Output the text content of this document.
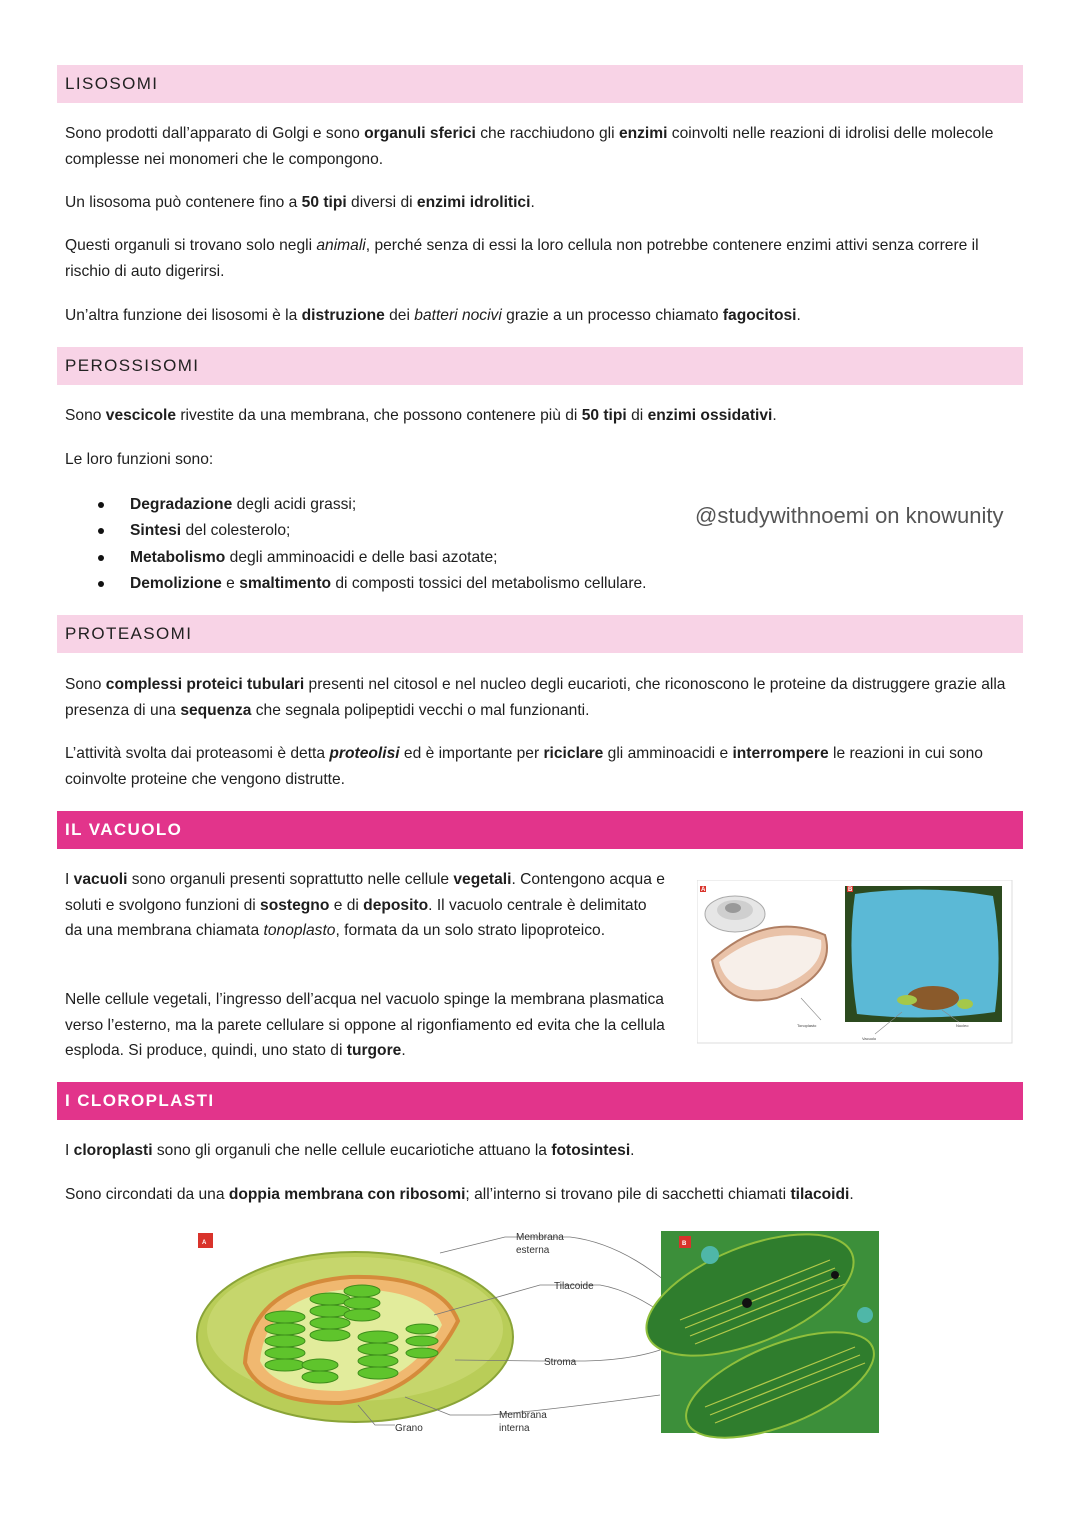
LISOSOMI

Sono prodotti dall’apparato di Golgi e sono organuli sferici che racchiudono gli enzimi coinvolti nelle reazioni di idrolisi delle molecole complesse nei monomeri che le compongono.

Un lisosoma può contenere fino a 50 tipi diversi di enzimi idrolitici.

Questi organuli si trovano solo negli animali, perché senza di essi la loro cellula non potrebbe contenere enzimi attivi senza correre il rischio di auto digerirsi.

Un’altra funzione dei lisosomi è la distruzione dei batteri nocivi grazie a un processo chiamato fagocitosi.

PEROSSISOMI

Sono vescicole rivestite da una membrana, che possono contenere più di 50 tipi di enzimi ossidativi.

Le loro funzioni sono:

Degradazione degli acidi grassi;
Sintesi del colesterolo;
Metabolismo degli amminoacidi e delle basi azotate;
Demolizione e smaltimento di composti tossici del metabolismo cellulare.
@studywithnoemi on knowunity
PROTEASOMI

Sono complessi proteici tubulari presenti nel citosol e nel nucleo degli eucarioti, che riconoscono le proteine da distruggere grazie alla presenza di una sequenza che segnala polipeptidi vecchi o mal funzionanti.

L’attività svolta dai proteasomi è detta proteolisi ed è importante per riciclare gli amminoacidi e interrompere le reazioni in cui sono coinvolte proteine che vengono distrutte.

IL VACUOLO

I vacuoli sono organuli presenti soprattutto nelle cellule vegetali. Contengono acqua e soluti e svolgono funzioni di sostegno e di deposito. Il vacuolo centrale è delimitato da una membrana chiamata tonoplasto, formata da un solo strato lipoproteico.

Nelle cellule vegetali, l’ingresso dell’acqua nel vacuolo spinge la membrana plasmatica verso l’esterno, ma la parete cellulare si oppone al rigonfiamento ed evita che la cellula esploda. Si produce, quindi, uno stato di turgore.

A	B
Tonoplasto
Vacuolo
Nucleo
I CLOROPLASTI

I cloroplasti sono gli organuli che nelle cellule eucariotiche attuano la fotosintesi.

Sono circondati da una doppia membrana con ribosomi; all’interno si trovano pile di sacchetti chiamati tilacoidi.

A	Membrana
esterna
Tilacoide
Stroma
Membrana
interna
Grano
B
